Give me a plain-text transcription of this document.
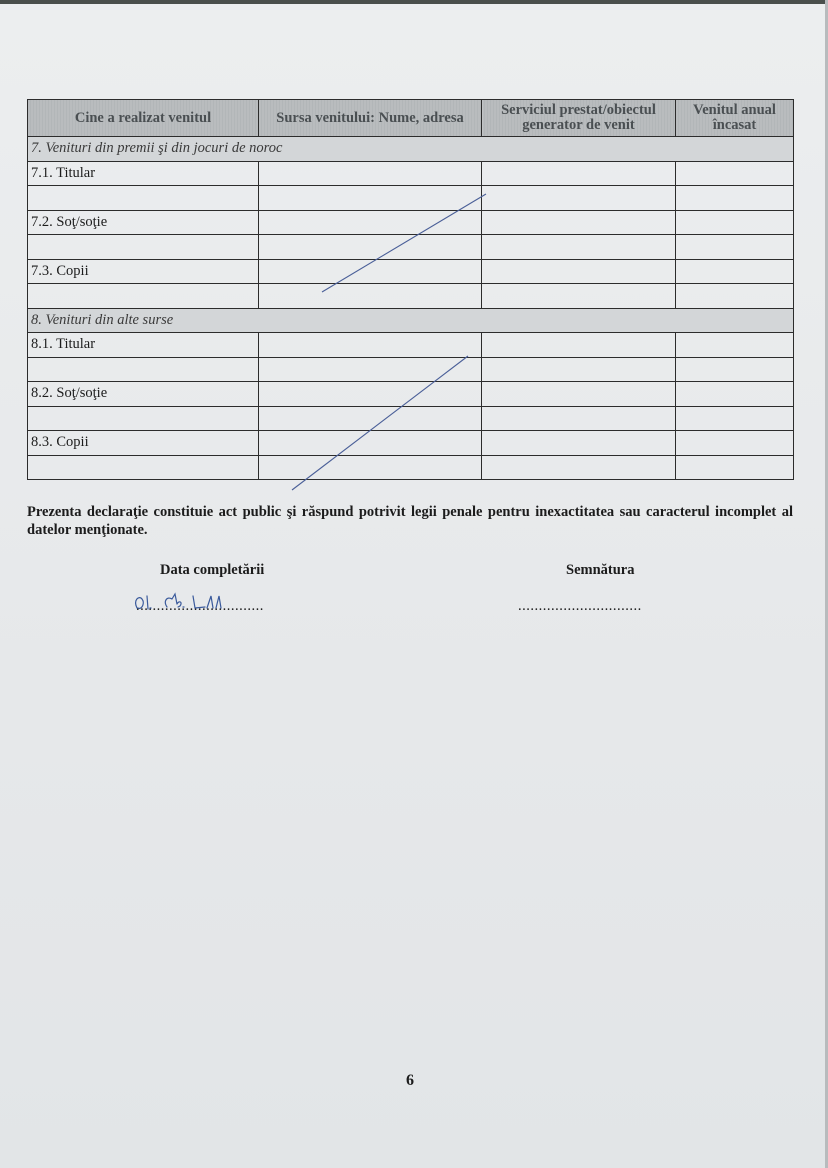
Cine a realizat venitul	Sursa venitului: Nume, adresa	Serviciul prestat/obiectul generator de venit	Venitul anual încasat
7. Venituri din premii şi din jocuri de noroc			
7.1. Titular			

7.2. Soţ/soţie			

7.3. Copii			

8. Venituri din alte surse			
8.1. Titular			

8.2. Soţ/soţie			

8.3. Copii			

Prezenta declaraţie constituie act public şi răspund potrivit legii penale pentru inexactitatea sau caracterul incomplet al datelor menţionate.
Data completării	Semnătura
...............................	..............................
6
